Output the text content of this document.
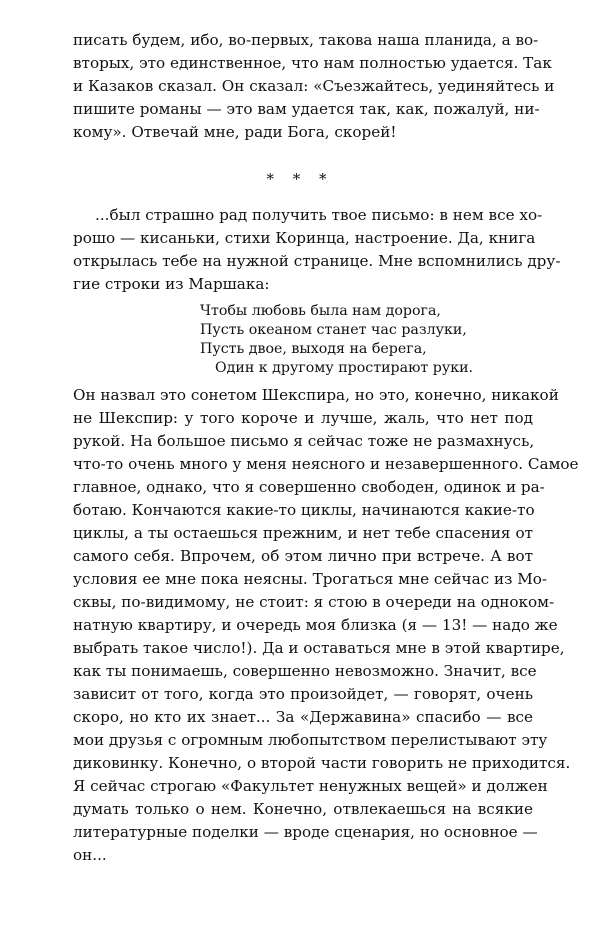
писать будем, ибо, во-первых, такова наша планида, а во-
вторых, это единственное, что нам полностью удается. Так
и Казаков сказал. Он сказал: «Съезжайтесь, уединяйтесь и
пишите романы — это вам удается так, как, пожалуй, ни-
кому». Отвечай мне, ради Бога, скорей!
* * *
...был страшно рад получить твое письмо: в нем все хо-
рошо — кисаньки, стихи Коринца, настроение. Да, книга
открылась тебе на нужной странице. Мне вспомнились дру-
гие строки из Маршака:
Чтобы любовь была нам дорога,
Пусть океаном станет час разлуки,
Пусть двое, выходя на берега,
Один к другому простирают руки.
Он назвал это сонетом Шекспира, но это, конечно, никакой
не Шекспир: у того короче и лучше, жаль, что нет под
рукой. На большое письмо я сейчас тоже не размахнусь,
что-то очень много у меня неясного и незавершенного. Самое
главное, однако, что я совершенно свободен, одинок и ра-
ботаю. Кончаются какие-то циклы, начинаются какие-то
циклы, а ты остаешься прежним, и нет тебе спасения от
самого себя. Впрочем, об этом лично при встрече. А вот
условия ее мне пока неясны. Трогаться мне сейчас из Мо-
сквы, по-видимому, не стоит: я стою в очереди на одноком-
натную квартиру, и очередь моя близка (я — 13! — надо же
выбрать такое число!). Да и оставаться мне в этой квартире,
как ты понимаешь, совершенно невозможно. Значит, все
зависит от того, когда это произойдет, — говорят, очень
скоро, но кто их знает... За «Державина» спасибо — все
мои друзья с огромным любопытством перелистывают эту
диковинку. Конечно, о второй части говорить не приходится.
Я сейчас строгаю «Факультет ненужных вещей» и должен
думать только о нем. Конечно, отвлекаешься на всякие
литературные поделки — вроде сценария, но основное —
он...
